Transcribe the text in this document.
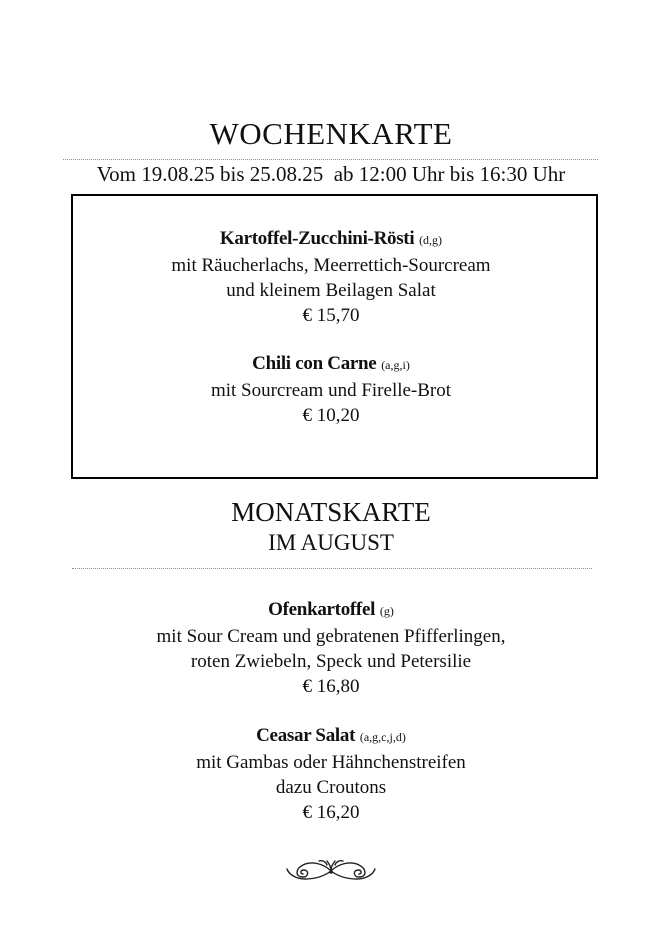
WOCHENKARTE
Vom 19.08.25 bis 25.08.25  ab 12:00 Uhr bis 16:30 Uhr
Kartoffel-Zucchini-Rösti (d,g)
mit Räucherlachs, Meerrettich-Sourcream
und kleinem Beilagen Salat
€ 15,70
Chili con Carne (a,g,i)
mit Sourcream und Firelle-Brot
€ 10,20
MONATSKARTE
IM AUGUST
Ofenkartoffel (g)
mit Sour Cream und gebratenen Pfifferlingen,
roten Zwiebeln, Speck und Petersilie
€ 16,80
Ceasar Salat (a,g,c,j,d)
mit Gambas oder Hähnchenstreifen
dazu Croutons
€ 16,20
